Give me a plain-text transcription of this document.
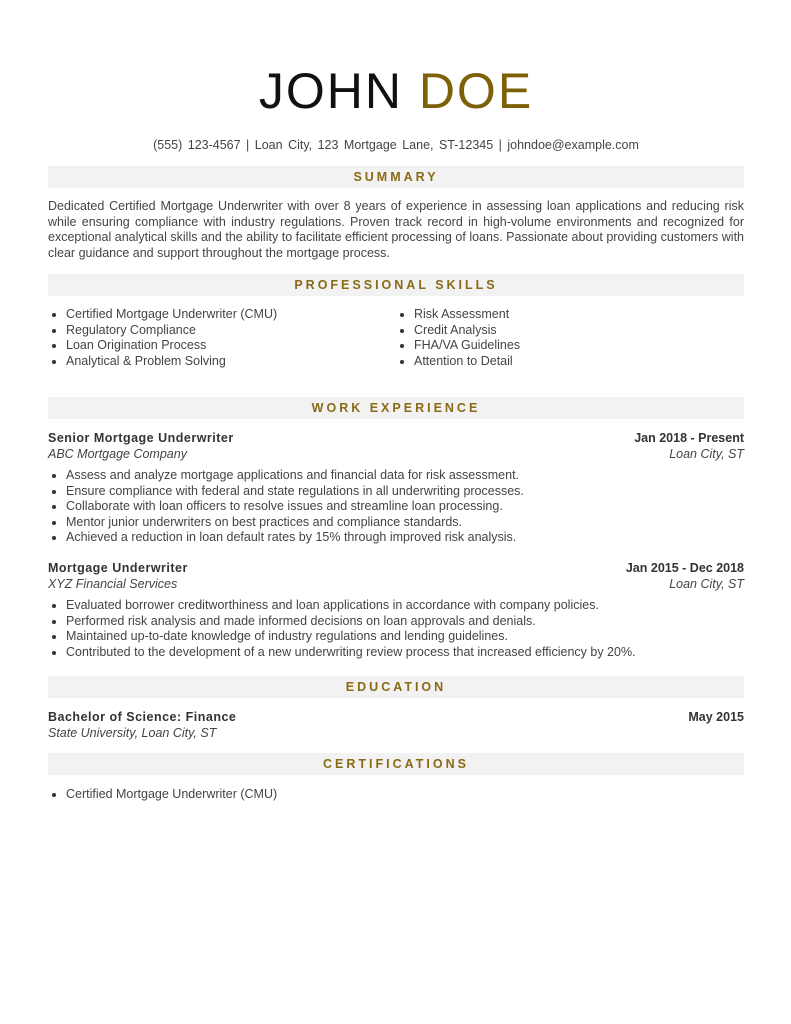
JOHN DOE
(555) 123-4567 | Loan City, 123 Mortgage Lane, ST-12345 | johndoe@example.com
SUMMARY

Dedicated Certified Mortgage Underwriter with over 8 years of experience in assessing loan applications and reducing risk while ensuring compliance with industry regulations. Proven track record in high-volume environments and recognized for exceptional analytical skills and the ability to facilitate efficient processing of loans. Passionate about providing customers with clear guidance and support throughout the mortgage process.

PROFESSIONAL SKILLS
Certified Mortgage Underwriter (CMU)
Regulatory Compliance
Loan Origination Process
Analytical & Problem Solving
Risk Assessment
Credit Analysis
FHA/VA Guidelines
Attention to Detail
WORK EXPERIENCE
Senior Mortgage Underwriter
ABC Mortgage Company
Jan 2018 - Present
Loan City, ST
Assess and analyze mortgage applications and financial data for risk assessment.
Ensure compliance with federal and state regulations in all underwriting processes.
Collaborate with loan officers to resolve issues and streamline loan processing.
Mentor junior underwriters on best practices and compliance standards.
Achieved a reduction in loan default rates by 15% through improved risk analysis.
Mortgage Underwriter
XYZ Financial Services
Jan 2015 - Dec 2018
Loan City, ST
Evaluated borrower creditworthiness and loan applications in accordance with company policies.
Performed risk analysis and made informed decisions on loan approvals and denials.
Maintained up-to-date knowledge of industry regulations and lending guidelines.
Contributed to the development of a new underwriting review process that increased efficiency by 20%.
EDUCATION
Bachelor of Science: Finance
State University, Loan City, ST
May 2015
CERTIFICATIONS
Certified Mortgage Underwriter (CMU)
